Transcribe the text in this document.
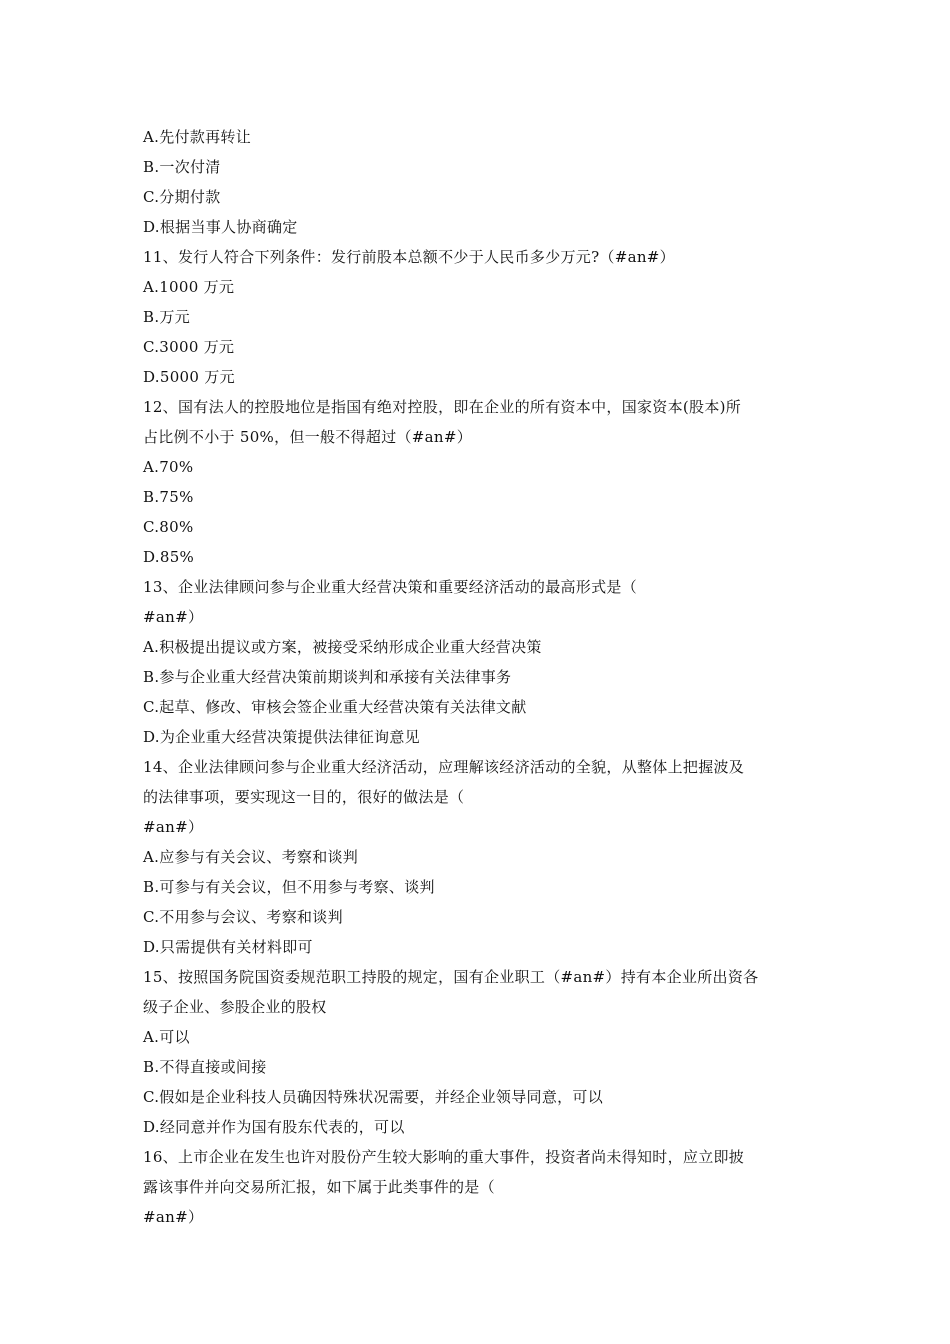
A.先付款再转让
B.一次付清
C.分期付款
D.根据当事人协商确定
11、发行人符合下列条件：发行前股本总额不少于人民币多少万元?（#an#）
A.1000 万元
B.万元
C.3000 万元
D.5000 万元
12、国有法人的控股地位是指国有绝对控股，即在企业的所有资本中，国家资本(股本)所
占比例不小于 50%，但一般不得超过（#an#）
A.70%
B.75%
C.80%
D.85%
13、企业法律顾问参与企业重大经营决策和重要经济活动的最高形式是（
#an#）
A.积极提出提议或方案，被接受采纳形成企业重大经营决策
B.参与企业重大经营决策前期谈判和承接有关法律事务
C.起草、修改、审核会签企业重大经营决策有关法律文献
D.为企业重大经营决策提供法律征询意见
14、企业法律顾问参与企业重大经济活动，应理解该经济活动的全貌，从整体上把握波及
的法律事项，要实现这一目的，很好的做法是（
#an#）
A.应参与有关会议、考察和谈判
B.可参与有关会议，但不用参与考察、谈判
C.不用参与会议、考察和谈判
D.只需提供有关材料即可
15、按照国务院国资委规范职工持股的规定，国有企业职工（#an#）持有本企业所出资各
级子企业、参股企业的股权
A.可以
B.不得直接或间接
C.假如是企业科技人员确因特殊状况需要，并经企业领导同意，可以
D.经同意并作为国有股东代表的，可以
16、上市企业在发生也许对股份产生较大影响的重大事件，投资者尚未得知时，应立即披
露该事件并向交易所汇报，如下属于此类事件的是（
#an#）
